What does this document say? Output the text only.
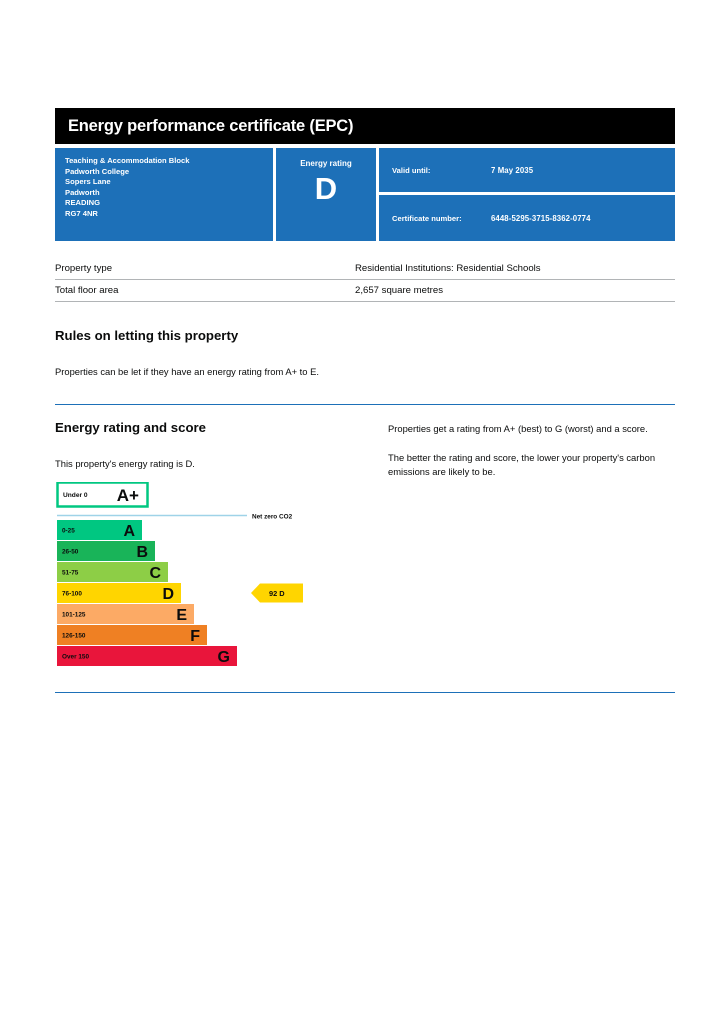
Energy performance certificate (EPC)
Teaching & Accommodation Block
Padworth College
Sopers Lane
Padworth
READING
RG7 4NR
Energy rating
D
Valid until:	7 May 2035
Certificate number:	6448-5295-3715-8362-0774
Property type	Residential Institutions: Residential Schools
Total floor area	2,657 square metres
Rules on letting this property

Properties can be let if they have an energy rating from A+ to E.

Energy rating and score

This property's energy rating is D.

Properties get a rating from A+ (best) to G (worst) and a score.

The better the rating and score, the lower your property's carbon emissions are likely to be.

Under 0 A+
Net zero CO2
0-25	A
26-50	B
51-75	C
76-100	D
101-125	E
126-150	F
Over 150	G
92 D
